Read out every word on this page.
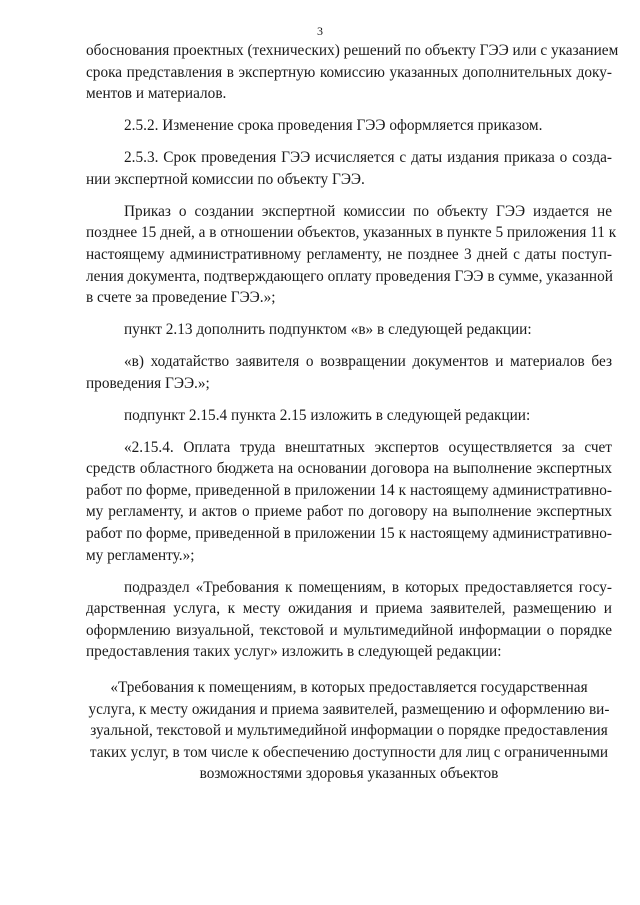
3
обоснования проектных (технических) решений по объекту ГЭЭ или с указанием
срока представления в экспертную комиссию указанных дополнительных доку-
ментов и материалов.
2.5.2. Изменение срока проведения ГЭЭ оформляется приказом.
2.5.3. Срок проведения ГЭЭ исчисляется с даты издания приказа о созда-
нии экспертной комиссии по объекту ГЭЭ.
Приказ о создании экспертной комиссии по объекту ГЭЭ издается не
позднее 15 дней, а в отношении объектов, указанных в пункте 5 приложения 11 к
настоящему административному регламенту, не позднее 3 дней с даты поступ-
ления документа, подтверждающего оплату проведения ГЭЭ в сумме, указанной
в счете за проведение ГЭЭ.»;
пункт 2.13 дополнить подпунктом «в» в следующей редакции:
«в) ходатайство заявителя о возвращении документов и материалов без
проведения ГЭЭ.»;
подпункт 2.15.4 пункта 2.15 изложить в следующей редакции:
«2.15.4. Оплата труда внештатных экспертов осуществляется за счет
средств областного бюджета на основании договора на выполнение экспертных
работ по форме, приведенной в приложении 14 к настоящему административно-
му регламенту, и актов о приеме работ по договору на выполнение экспертных
работ по форме, приведенной в приложении 15 к настоящему административно-
му регламенту.»;
подраздел «Требования к помещениям, в которых предоставляется госу-
дарственная услуга, к месту ожидания и приема заявителей, размещению и
оформлению визуальной, текстовой и мультимедийной информации о порядке
предоставления таких услуг» изложить в следующей редакции:
«Требования к помещениям, в которых предоставляется государственная
услуга, к месту ожидания и приема заявителей, размещению и оформлению ви-
зуальной, текстовой и мультимедийной информации о порядке предоставления
таких услуг, в том числе к обеспечению доступности для лиц с ограниченными
возможностями здоровья указанных объектов
